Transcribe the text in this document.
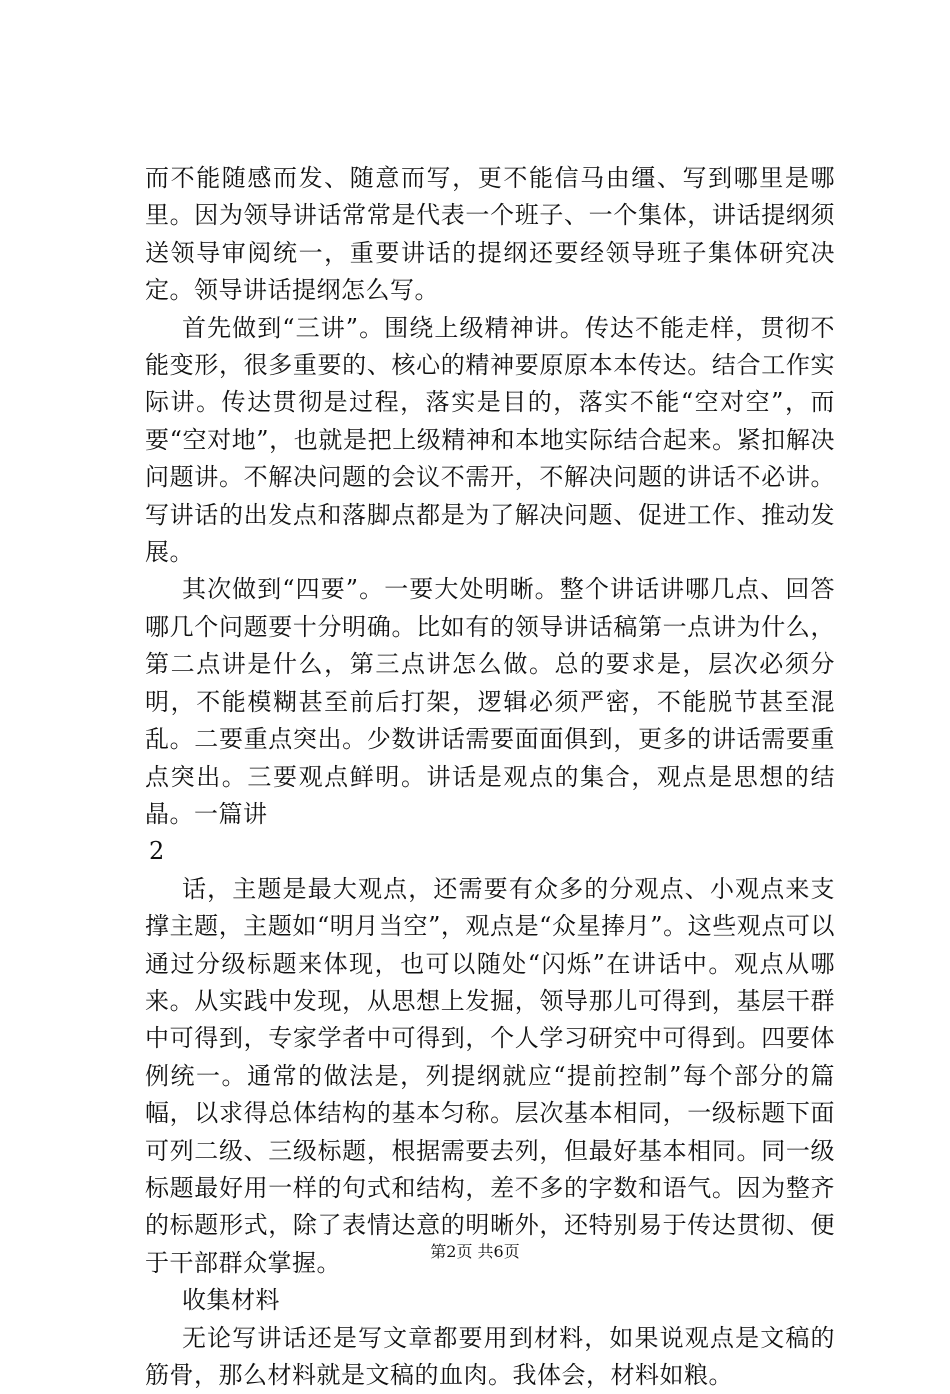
而不能随感而发、随意而写，更不能信马由缰、写到哪里是哪里。因为领导讲话常常是代表一个班子、一个集体，讲话提纲须送领导审阅统一，重要讲话的提纲还要经领导班子集体研究决定。领导讲话提纲怎么写。

首先做到“三讲”。围绕上级精神讲。传达不能走样，贯彻不能变形，很多重要的、核心的精神要原原本本传达。结合工作实际讲。传达贯彻是过程，落实是目的，落实不能“空对空”，而要“空对地”，也就是把上级精神和本地实际结合起来。紧扣解决问题讲。不解决问题的会议不需开，不解决问题的讲话不必讲。写讲话的出发点和落脚点都是为了解决问题、促进工作、推动发展。

其次做到“四要”。一要大处明晰。整个讲话讲哪几点、回答哪几个问题要十分明确。比如有的领导讲话稿第一点讲为什么，第二点讲是什么，第三点讲怎么做。总的要求是，层次必须分明，不能模糊甚至前后打架，逻辑必须严密，不能脱节甚至混乱。二要重点突出。少数讲话需要面面俱到，更多的讲话需要重点突出。三要观点鲜明。讲话是观点的集合，观点是思想的结晶。一篇讲

2

话，主题是最大观点，还需要有众多的分观点、小观点来支撑主题，主题如“明月当空”，观点是“众星捧月”。这些观点可以通过分级标题来体现，也可以随处“闪烁”在讲话中。观点从哪来。从实践中发现，从思想上发掘，领导那儿可得到，基层干群中可得到，专家学者中可得到，个人学习研究中可得到。四要体例统一。通常的做法是，列提纲就应“提前控制”每个部分的篇幅，以求得总体结构的基本匀称。层次基本相同，一级标题下面可列二级、三级标题，根据需要去列，但最好基本相同。同一级标题最好用一样的句式和结构，差不多的字数和语气。因为整齐的标题形式，除了表情达意的明晰外，还特别易于传达贯彻、便于干部群众掌握。

收集材料

无论写讲话还是写文章都要用到材料，如果说观点是文稿的筋骨，那么材料就是文稿的血肉。我体会，材料如粮。

第2页 共6页
